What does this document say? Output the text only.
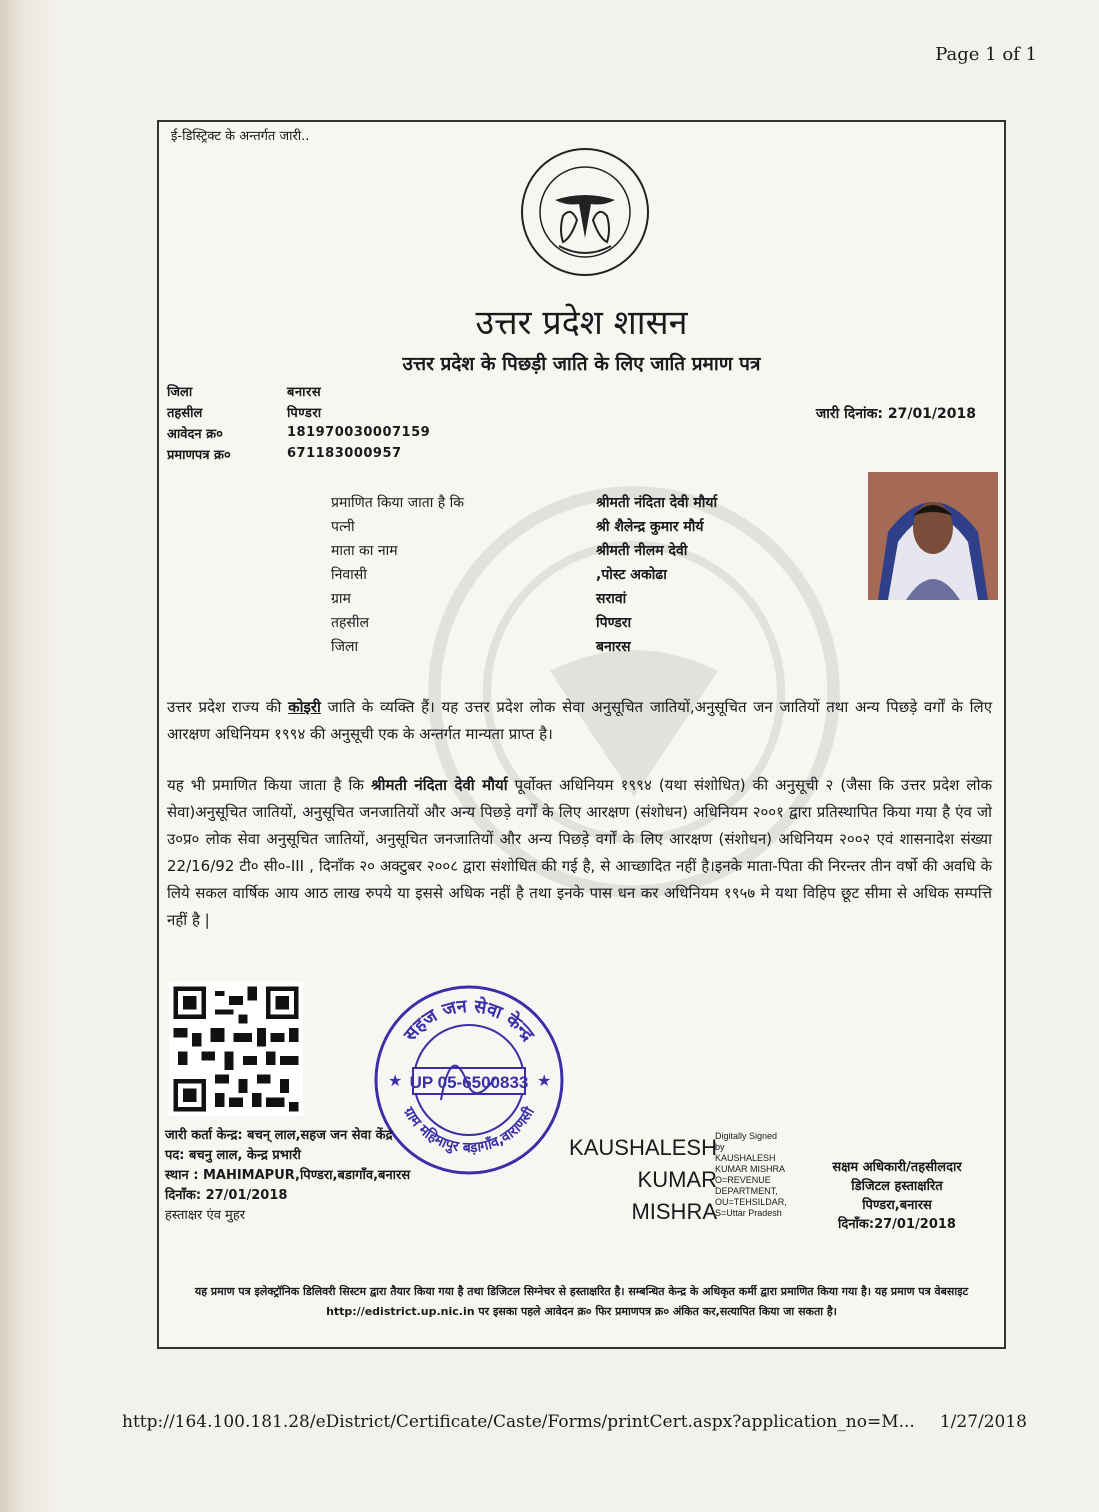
Page 1 of 1
ई-डिस्ट्रिक्ट के अन्तर्गत जारी..
उत्तर प्रदेश शासन
उत्तर प्रदेश के पिछड़ी जाति के लिए जाति प्रमाण पत्र
जिला	बनारस
तहसील	पिण्डरा
आवेदन क्र०	181970030007159
प्रमाणपत्र क्र०	671183000957
जारी दिनांक: 27/01/2018
प्रमाणित किया जाता है कि	श्रीमती नंदिता देवी मौर्या
पत्नी	श्री शैलेन्द्र कुमार मौर्य
माता का नाम	श्रीमती नीलम देवी
निवासी	,पोस्ट अकोढा
ग्राम	सरावां
तहसील	पिण्डरा
जिला	बनारस
उत्तर प्रदेश राज्य की कोइरी जाति के व्यक्ति हैं। यह उत्तर प्रदेश लोक सेवा अनुसूचित जातियों,अनुसूचित जन जातियों तथा अन्य पिछड़े वर्गों के लिए आरक्षण अधिनियम १९९४ की अनुसूची एक के अन्तर्गत मान्यता प्राप्त है।
यह भी प्रमाणित किया जाता है कि श्रीमती नंदिता देवी मौर्या पूर्वोक्त अधिनियम १९९४ (यथा संशोधित) की अनुसूची २ (जैसा कि उत्तर प्रदेश लोक सेवा)अनुसूचित जातियों, अनुसूचित जनजातियों और अन्य पिछड़े वर्गों के लिए आरक्षण (संशोधन) अधिनियम २००१ द्वारा प्रतिस्थापित किया गया है एंव जो उ०प्र० लोक सेवा अनुसूचित जातियों, अनुसूचित जनजातियों और अन्य पिछड़े वर्गों के लिए आरक्षण (संशोधन) अधिनियम २००२ एवं शासनादेश संख्या 22/16/92 टी० सी०-III , दिनाँक २० अक्टुबर २००८ द्वारा संशोधित की गई है, से आच्छादित नहीं है।इनके माता-पिता की निरन्तर तीन वर्षो की अवधि के लिये सकल वार्षिक आय आठ लाख रुपये या इससे अधिक नहीं है तथा इनके पास धन कर अधिनियम १९५७ मे यथा विहिप छूट सीमा से अधिक सम्पत्ति नहीं है |
सहज जन सेवा केन्द्र
ग्राम महिमापुर बड़ागाँव,वाराणसी
★	★
UP 05-6500833
जारी कर्ता केन्द्र: बचन् लाल,सहज जन सेवा केंद्र
पद: बचनु लाल, केन्द्र प्रभारी
स्थान : MAHIMAPUR,पिण्डरा,बडागाँव,बनारस
दिनाँक: 27/01/2018
हस्ताक्षर एंव मुहर
KAUSHALESH
KUMAR
MISHRA
Digitally Signed
by
KAUSHALESH
KUMAR MISHRA
O=REVENUE
DEPARTMENT,
OU=TEHSILDAR,
S=Uttar Pradesh
सक्षम अधिकारी/तहसीलदार
डिजिटल हस्ताक्षरित
पिण्डरा,बनारस
दिनाँक:27/01/2018
यह प्रमाण पत्र इलेक्ट्रॉनिक डिलिवरी सिस्टम द्वारा तैयार किया गया है तथा डिजिटल सिग्नेचर से हस्ताक्षरित है। सम्बन्धित केन्द्र के अधिकृत कर्मी द्वारा प्रमाणित किया गया है। यह प्रमाण पत्र वेबसाइट http://edistrict.up.nic.in पर इसका पहले आवेदन क्र० फिर प्रमाणपत्र क्र० अंकित कर,सत्यापित किया जा सकता है।
http://164.100.181.28/eDistrict/Certificate/Caste/Forms/printCert.aspx?application_no=M... 1/27/2018
